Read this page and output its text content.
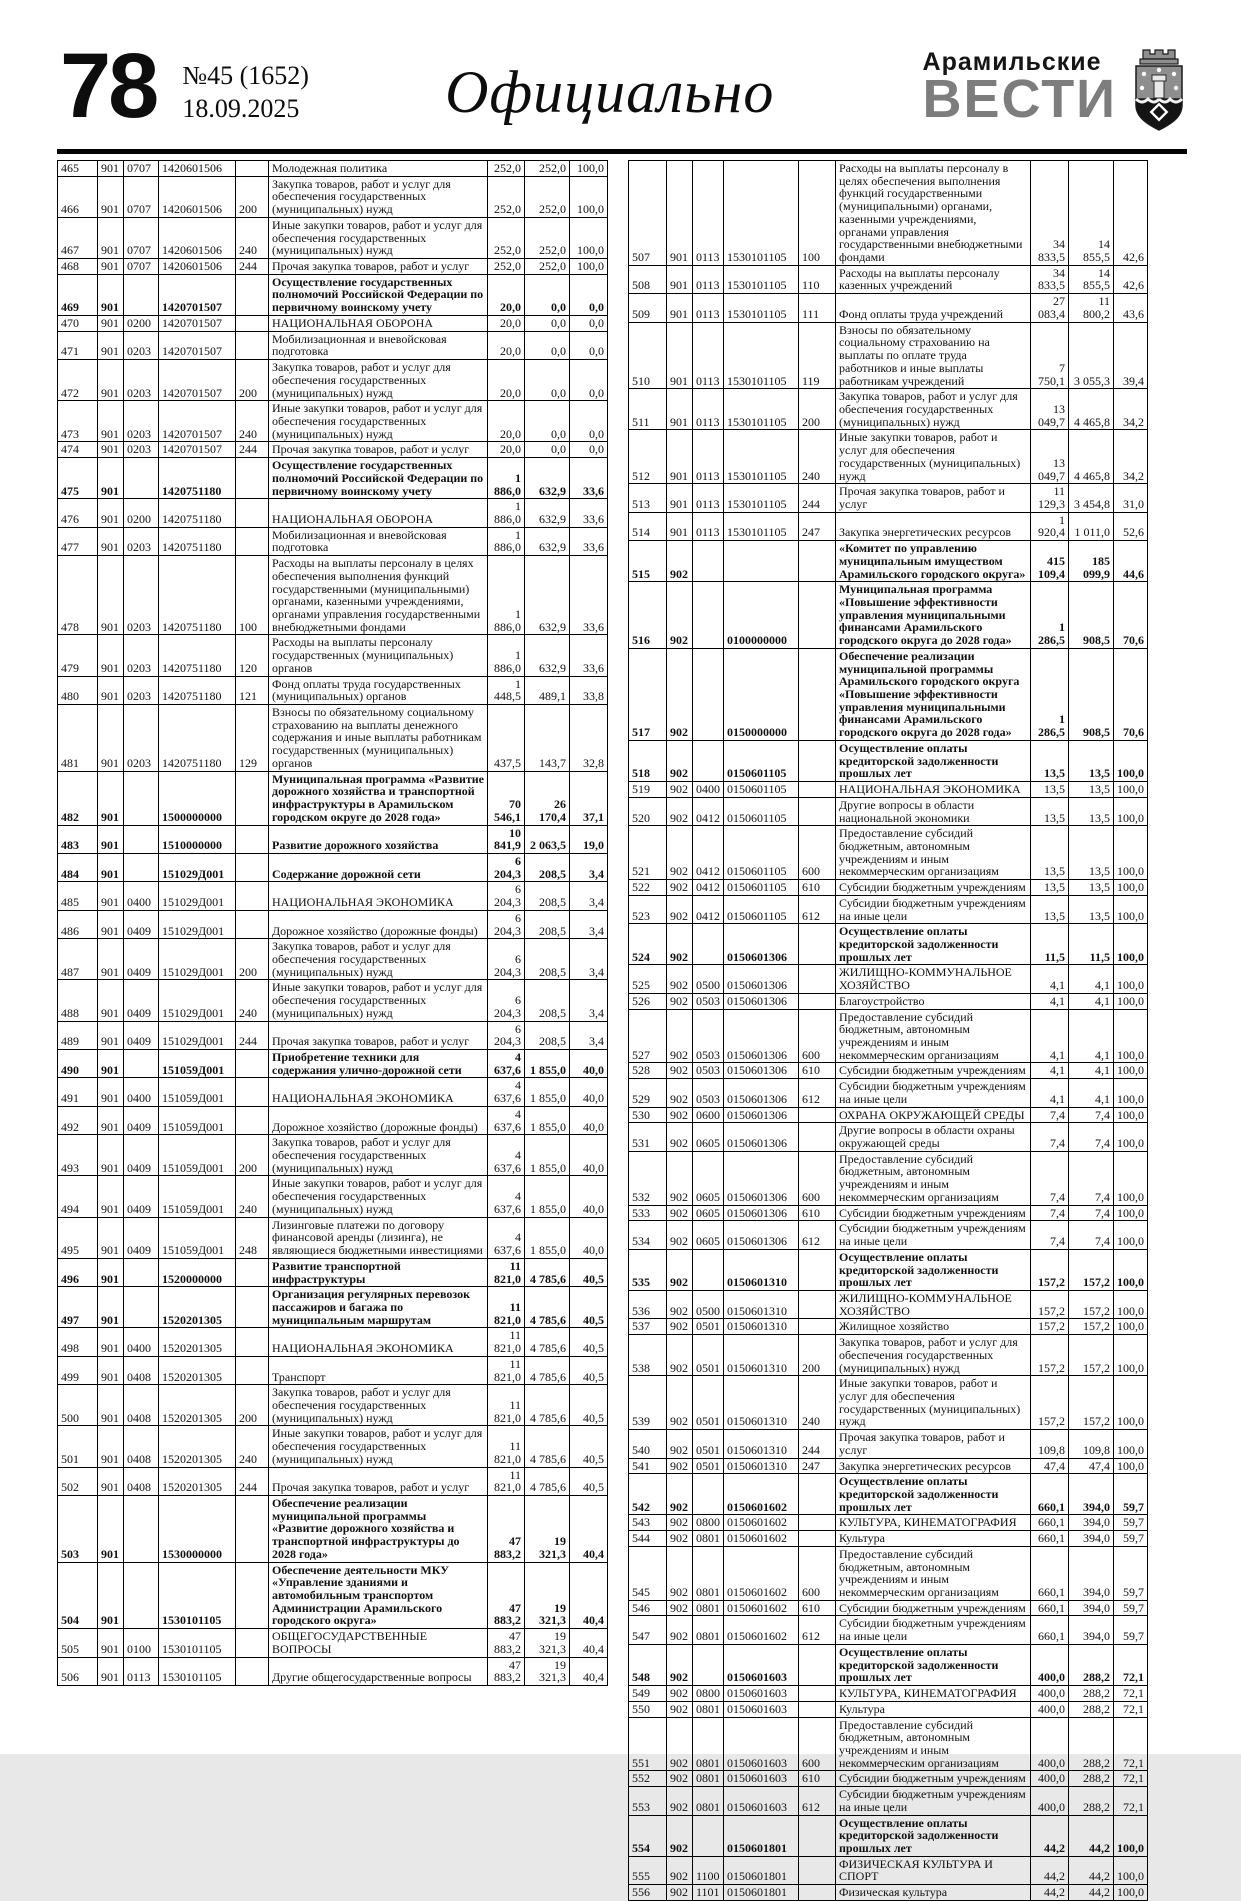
78 №45 (1652)
18.09.2025	Официально	Арамильские
ВЕСТИ
465	901	0707	1420601506		Молодежная политика	252,0	252,0	100,0
466	901	0707	1420601506	200	Закупка товаров, работ и услуг для обеспечения государственных (муниципальных) нужд	252,0	252,0	100,0
467	901	0707	1420601506	240	Иные закупки товаров, работ и услуг для обеспечения государственных (муниципальных) нужд	252,0	252,0	100,0
468	901	0707	1420601506	244	Прочая закупка товаров, работ и услуг	252,0	252,0	100,0
469	901		1420701507		Осуществление государственных полномочий Российской Федерации по первичному воинскому учету	20,0	0,0	0,0
470	901	0200	1420701507		НАЦИОНАЛЬНАЯ ОБОРОНА	20,0	0,0	0,0
471	901	0203	1420701507		Мобилизационная и вневойсковая подготовка	20,0	0,0	0,0
472	901	0203	1420701507	200	Закупка товаров, работ и услуг для обеспечения государственных (муниципальных) нужд	20,0	0,0	0,0
473	901	0203	1420701507	240	Иные закупки товаров, работ и услуг для обеспечения государственных (муниципальных) нужд	20,0	0,0	0,0
474	901	0203	1420701507	244	Прочая закупка товаров, работ и услуг	20,0	0,0	0,0
475	901		1420751180		Осуществление государственных полномочий Российской Федерации по первичному воинскому учету	1 886,0	632,9	33,6
476	901	0200	1420751180		НАЦИОНАЛЬНАЯ ОБОРОНА	1 886,0	632,9	33,6
477	901	0203	1420751180		Мобилизационная и вневойсковая подготовка	1 886,0	632,9	33,6
478	901	0203	1420751180	100	Расходы на выплаты персоналу в целях обеспечения выполнения функций государственными (муниципальными) органами, казенными учреждениями, органами управления государственными внебюджетными фондами	1 886,0	632,9	33,6
479	901	0203	1420751180	120	Расходы на выплаты персоналу государственных (муниципальных) органов	1 886,0	632,9	33,6
480	901	0203	1420751180	121	Фонд оплаты труда государственных (муниципальных) органов	1 448,5	489,1	33,8
481	901	0203	1420751180	129	Взносы по обязательному социальному страхованию на выплаты денежного содержания и иные выплаты работникам государственных (муниципальных) органов	437,5	143,7	32,8
482	901		1500000000		Муниципальная программа «Развитие дорожного хозяйства и транспортной инфраструктуры в Арамильском городском округе до 2028 года»	70 546,1	26 170,4	37,1
483	901		1510000000		Развитие дорожного хозяйства	10 841,9	2 063,5	19,0
484	901		151029Д001		Содержание дорожной сети	6 204,3	208,5	3,4
485	901	0400	151029Д001		НАЦИОНАЛЬНАЯ ЭКОНОМИКА	6 204,3	208,5	3,4
486	901	0409	151029Д001		Дорожное хозяйство (дорожные фонды)	6 204,3	208,5	3,4
487	901	0409	151029Д001	200	Закупка товаров, работ и услуг для обеспечения государственных (муниципальных) нужд	6 204,3	208,5	3,4
488	901	0409	151029Д001	240	Иные закупки товаров, работ и услуг для обеспечения государственных (муниципальных) нужд	6 204,3	208,5	3,4
489	901	0409	151029Д001	244	Прочая закупка товаров, работ и услуг	6 204,3	208,5	3,4
490	901		151059Д001		Приобретение техники для содержания улично-дорожной сети	4 637,6	1 855,0	40,0
491	901	0400	151059Д001		НАЦИОНАЛЬНАЯ ЭКОНОМИКА	4 637,6	1 855,0	40,0
492	901	0409	151059Д001		Дорожное хозяйство (дорожные фонды)	4 637,6	1 855,0	40,0
493	901	0409	151059Д001	200	Закупка товаров, работ и услуг для обеспечения государственных (муниципальных) нужд	4 637,6	1 855,0	40,0
494	901	0409	151059Д001	240	Иные закупки товаров, работ и услуг для обеспечения государственных (муниципальных) нужд	4 637,6	1 855,0	40,0
495	901	0409	151059Д001	248	Лизинговые платежи по договору финансовой аренды (лизинга), не являющиеся бюджетными инвестициями	4 637,6	1 855,0	40,0
496	901		1520000000		Развитие транспортной инфраструктуры	11 821,0	4 785,6	40,5
497	901		1520201305		Организация регулярных перевозок пассажиров и багажа по муниципальным маршрутам	11 821,0	4 785,6	40,5
498	901	0400	1520201305		НАЦИОНАЛЬНАЯ ЭКОНОМИКА	11 821,0	4 785,6	40,5
499	901	0408	1520201305		Транспорт	11 821,0	4 785,6	40,5
500	901	0408	1520201305	200	Закупка товаров, работ и услуг для обеспечения государственных (муниципальных) нужд	11 821,0	4 785,6	40,5
501	901	0408	1520201305	240	Иные закупки товаров, работ и услуг для обеспечения государственных (муниципальных) нужд	11 821,0	4 785,6	40,5
502	901	0408	1520201305	244	Прочая закупка товаров, работ и услуг	11 821,0	4 785,6	40,5
503	901		1530000000		Обеспечение реализации муниципальной программы «Развитие дорожного хозяйства и транспортной инфраструктуры до 2028 года»	47 883,2	19 321,3	40,4
504	901		1530101105		Обеспечение деятельности МКУ «Управление зданиями и автомобильным транспортом Администрации Арамильского городского округа»	47 883,2	19 321,3	40,4
505	901	0100	1530101105		ОБЩЕГОСУДАРСТВЕННЫЕ ВОПРОСЫ	47 883,2	19 321,3	40,4
506	901	0113	1530101105		Другие общегосударственные вопросы	47 883,2	19 321,3	40,4
507	901	0113	1530101105	100	Расходы на выплаты персоналу в целях обеспечения выполнения функций государственными (муниципальными) органами, казенными учреждениями, органами управления государственными внебюджетными фондами	34 833,5	14 855,5	42,6
508	901	0113	1530101105	110	Расходы на выплаты персоналу казенных учреждений	34 833,5	14 855,5	42,6
509	901	0113	1530101105	111	Фонд оплаты труда учреждений	27 083,4	11 800,2	43,6
510	901	0113	1530101105	119	Взносы по обязательному социальному страхованию на выплаты по оплате труда работников и иные выплаты работникам учреждений	7 750,1	3 055,3	39,4
511	901	0113	1530101105	200	Закупка товаров, работ и услуг для обеспечения государственных (муниципальных) нужд	13 049,7	4 465,8	34,2
512	901	0113	1530101105	240	Иные закупки товаров, работ и услуг для обеспечения государственных (муниципальных) нужд	13 049,7	4 465,8	34,2
513	901	0113	1530101105	244	Прочая закупка товаров, работ и услуг	11 129,3	3 454,8	31,0
514	901	0113	1530101105	247	Закупка энергетических ресурсов	1 920,4	1 011,0	52,6
515	902				«Комитет по управлению муниципальным имуществом Арамильского городского округа»	415 109,4	185 099,9	44,6
516	902		0100000000		Муниципальная программа «Повышение эффективности управления муниципальными финансами Арамильского городского округа до 2028 года»	1 286,5	908,5	70,6
517	902		0150000000		Обеспечение реализации муниципальной программы Арамильского городского округа «Повышение эффективности управления муниципальными финансами Арамильского городского округа до 2028 года»	1 286,5	908,5	70,6
518	902		0150601105		Осуществление оплаты кредиторской задолженности прошлых лет	13,5	13,5	100,0
519	902	0400	0150601105		НАЦИОНАЛЬНАЯ ЭКОНОМИКА	13,5	13,5	100,0
520	902	0412	0150601105		Другие вопросы в области национальной экономики	13,5	13,5	100,0
521	902	0412	0150601105	600	Предоставление субсидий бюджетным, автономным учреждениям и иным некоммерческим организациям	13,5	13,5	100,0
522	902	0412	0150601105	610	Субсидии бюджетным учреждениям	13,5	13,5	100,0
523	902	0412	0150601105	612	Субсидии бюджетным учреждениям на иные цели	13,5	13,5	100,0
524	902		0150601306		Осуществление оплаты кредиторской задолженности прошлых лет	11,5	11,5	100,0
525	902	0500	0150601306		ЖИЛИЩНО-КОММУНАЛЬНОЕ ХОЗЯЙСТВО	4,1	4,1	100,0
526	902	0503	0150601306		Благоустройство	4,1	4,1	100,0
527	902	0503	0150601306	600	Предоставление субсидий бюджетным, автономным учреждениям и иным некоммерческим организациям	4,1	4,1	100,0
528	902	0503	0150601306	610	Субсидии бюджетным учреждениям	4,1	4,1	100,0
529	902	0503	0150601306	612	Субсидии бюджетным учреждениям на иные цели	4,1	4,1	100,0
530	902	0600	0150601306		ОХРАНА ОКРУЖАЮЩЕЙ СРЕДЫ	7,4	7,4	100,0
531	902	0605	0150601306		Другие вопросы в области охраны окружающей среды	7,4	7,4	100,0
532	902	0605	0150601306	600	Предоставление субсидий бюджетным, автономным учреждениям и иным некоммерческим организациям	7,4	7,4	100,0
533	902	0605	0150601306	610	Субсидии бюджетным учреждениям	7,4	7,4	100,0
534	902	0605	0150601306	612	Субсидии бюджетным учреждениям на иные цели	7,4	7,4	100,0
535	902		0150601310		Осуществление оплаты кредиторской задолженности прошлых лет	157,2	157,2	100,0
536	902	0500	0150601310		ЖИЛИЩНО-КОММУНАЛЬНОЕ ХОЗЯЙСТВО	157,2	157,2	100,0
537	902	0501	0150601310		Жилищное хозяйство	157,2	157,2	100,0
538	902	0501	0150601310	200	Закупка товаров, работ и услуг для обеспечения государственных (муниципальных) нужд	157,2	157,2	100,0
539	902	0501	0150601310	240	Иные закупки товаров, работ и услуг для обеспечения государственных (муниципальных) нужд	157,2	157,2	100,0
540	902	0501	0150601310	244	Прочая закупка товаров, работ и услуг	109,8	109,8	100,0
541	902	0501	0150601310	247	Закупка энергетических ресурсов	47,4	47,4	100,0
542	902		0150601602		Осуществление оплаты кредиторской задолженности прошлых лет	660,1	394,0	59,7
543	902	0800	0150601602		КУЛЬТУРА, КИНЕМАТОГРАФИЯ	660,1	394,0	59,7
544	902	0801	0150601602		Культура	660,1	394,0	59,7
545	902	0801	0150601602	600	Предоставление субсидий бюджетным, автономным учреждениям и иным некоммерческим организациям	660,1	394,0	59,7
546	902	0801	0150601602	610	Субсидии бюджетным учреждениям	660,1	394,0	59,7
547	902	0801	0150601602	612	Субсидии бюджетным учреждениям на иные цели	660,1	394,0	59,7
548	902		0150601603		Осуществление оплаты кредиторской задолженности прошлых лет	400,0	288,2	72,1
549	902	0800	0150601603		КУЛЬТУРА, КИНЕМАТОГРАФИЯ	400,0	288,2	72,1
550	902	0801	0150601603		Культура	400,0	288,2	72,1
551	902	0801	0150601603	600	Предоставление субсидий бюджетным, автономным учреждениям и иным некоммерческим организациям	400,0	288,2	72,1
552	902	0801	0150601603	610	Субсидии бюджетным учреждениям	400,0	288,2	72,1
553	902	0801	0150601603	612	Субсидии бюджетным учреждениям на иные цели	400,0	288,2	72,1
554	902		0150601801		Осуществление оплаты кредиторской задолженности прошлых лет	44,2	44,2	100,0
555	902	1100	0150601801		ФИЗИЧЕСКАЯ КУЛЬТУРА И СПОРТ	44,2	44,2	100,0
556	902	1101	0150601801		Физическая культура	44,2	44,2	100,0
